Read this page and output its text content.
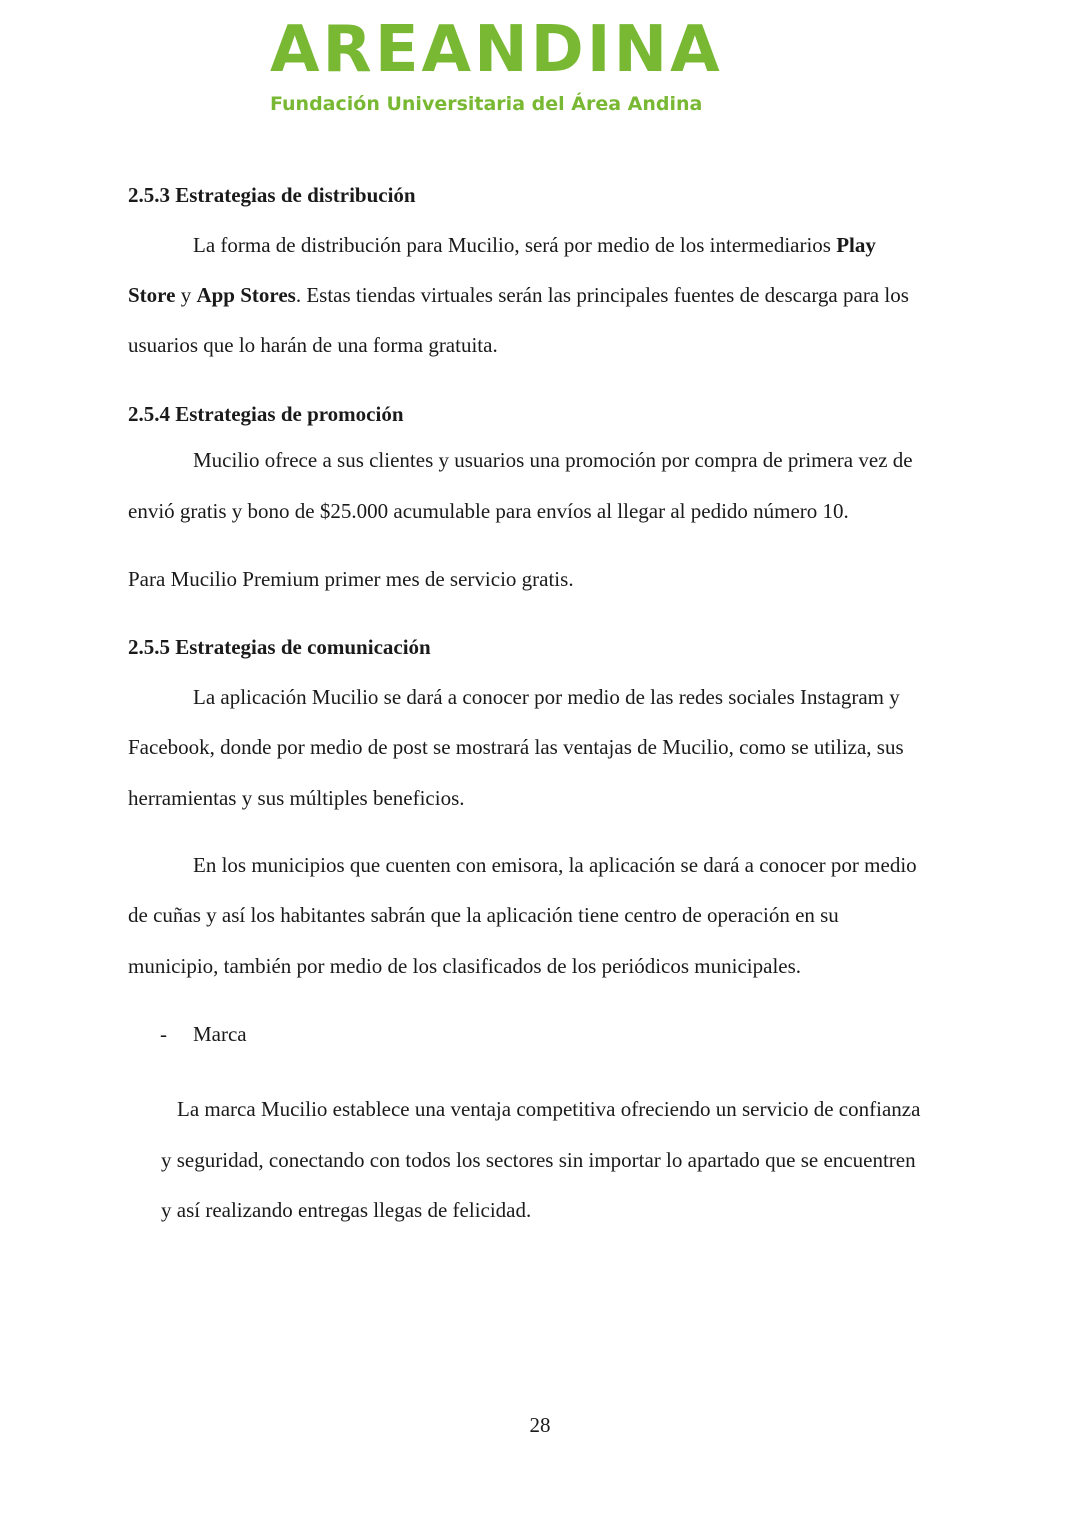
AREANDINA
Fundación Universitaria del Área Andina
2.5.3 Estrategias de distribución
La forma de distribución para Mucilio, será por medio de los intermediarios Play
Store y App Stores. Estas tiendas virtuales serán las principales fuentes de descarga para los
usuarios que lo harán de una forma gratuita.
2.5.4 Estrategias de promoción
Mucilio ofrece a sus clientes y usuarios una promoción por compra de primera vez de
envió gratis y bono de $25.000 acumulable para envíos al llegar al pedido número 10.
Para Mucilio Premium primer mes de servicio gratis.
2.5.5 Estrategias de comunicación
La aplicación Mucilio se dará a conocer por medio de las redes sociales Instagram y
Facebook, donde por medio de post se mostrará las ventajas de Mucilio, como se utiliza, sus
herramientas y sus múltiples beneficios.
En los municipios que cuenten con emisora, la aplicación se dará a conocer por medio
de cuñas y así los habitantes sabrán que la aplicación tiene centro de operación en su
municipio, también por medio de los clasificados de los periódicos municipales.
- Marca
La marca Mucilio establece una ventaja competitiva ofreciendo un servicio de confianza
y seguridad, conectando con todos los sectores sin importar lo apartado que se encuentren
y así realizando entregas llegas de felicidad.
28
